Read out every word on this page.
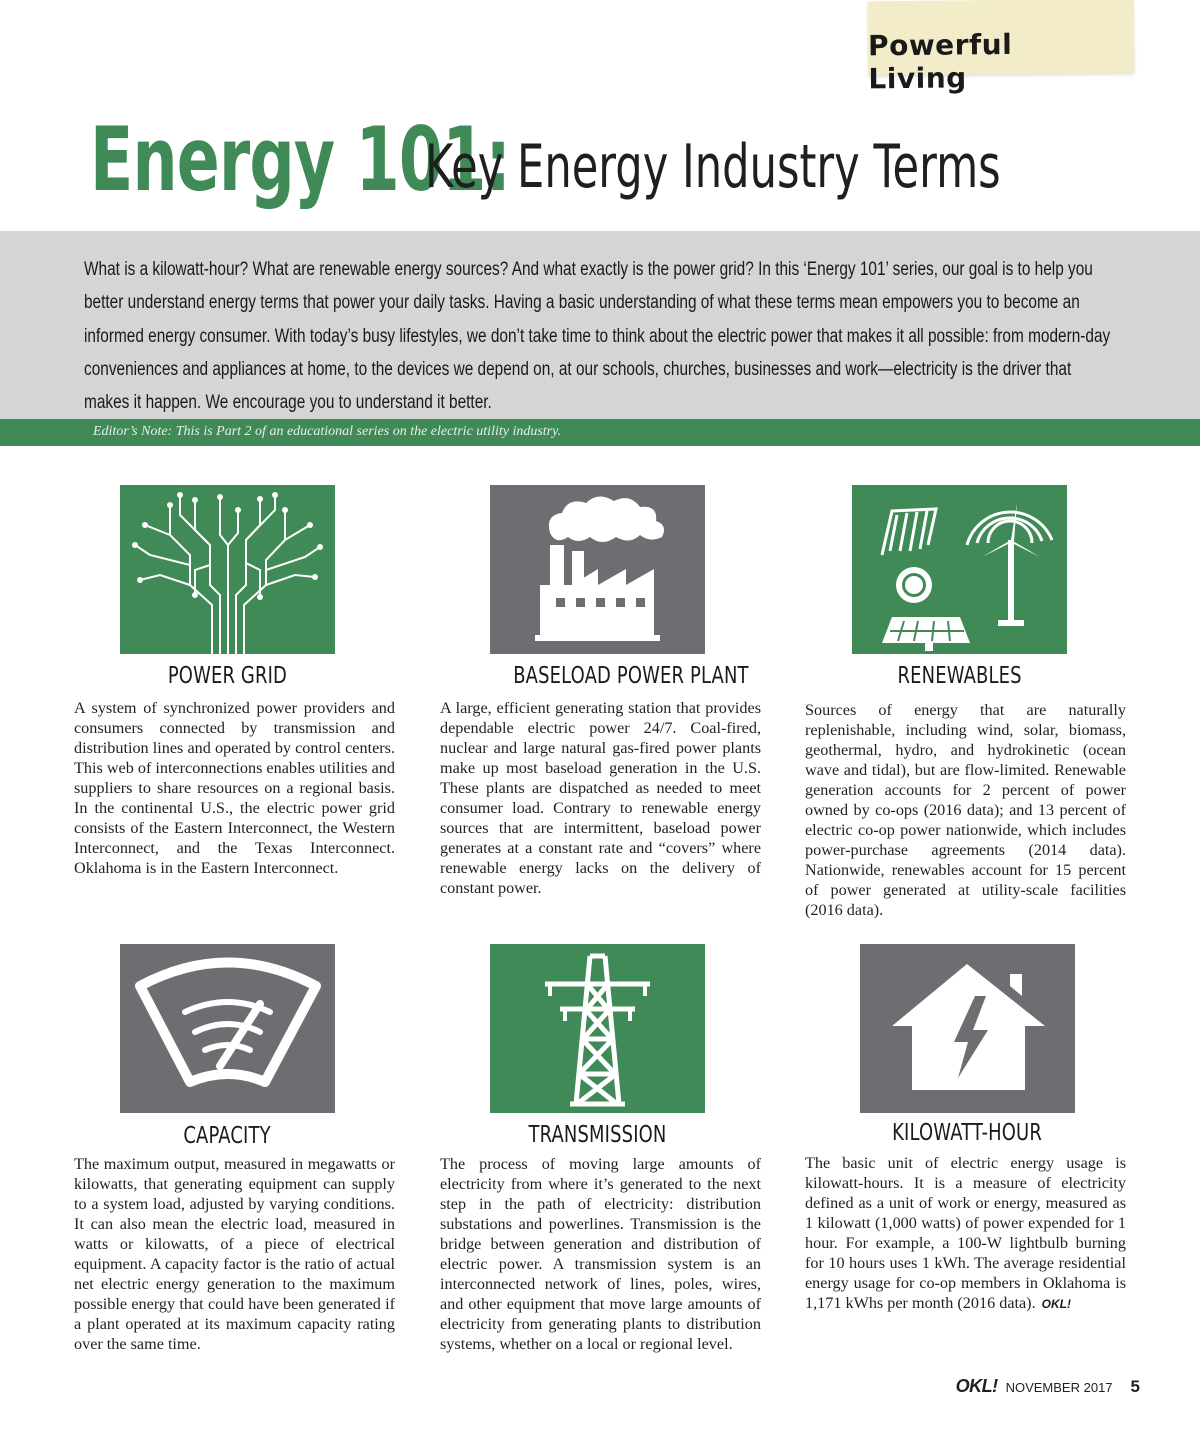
Powerful Living
Energy 101:
Key Energy Industry Terms

What is a kilowatt-hour? What are renewable energy sources? And what exactly is the power grid? In this ‘Energy 101’ series, our goal is to help you better understand energy terms that power your daily tasks. Having a basic understanding of what these terms mean empowers you to become an informed energy consumer. With today’s busy lifestyles, we don’t take time to think about the electric power that makes it all possible: from modern-day conveniences and appliances at home, to the devices we depend on, at our schools, churches, businesses and work—electricity is the driver that makes it happen. We encourage you to understand it better.

Editor’s Note: This is Part 2 of an educational series on the electric utility industry.
POWER GRID

A system of synchronized power providers and consumers connected by transmission and distribution lines and operated by control centers. This web of interconnections enables utilities and suppliers to share resources on a regional basis. In the continental U.S., the electric power grid consists of the Eastern Interconnect, the Western Interconnect, and the Texas Interconnect. Oklahoma is in the Eastern Interconnect.

BASELOAD POWER PLANT

A large, efficient generating station that provides dependable electric power 24/7. Coal-fired, nuclear and large natural gas-fired power plants make up most baseload generation in the U.S. These plants are dispatched as needed to meet consumer load. Contrary to renewable energy sources that are intermittent, baseload power generates at a constant rate and “covers” where renewable energy lacks on the delivery of constant power.

RENEWABLES

Sources of energy that are naturally replenishable, including wind, solar, biomass, geothermal, hydro, and hydrokinetic (ocean wave and tidal), but are flow-limited. Renewable generation accounts for 2 percent of power owned by co-ops (2016 data); and 13 percent of electric co-op power nationwide, which includes power-purchase agreements (2014 data). Nationwide, renewables account for 15 percent of power generated at utility-scale facilities (2016 data).

CAPACITY

The maximum output, measured in megawatts or kilowatts, that generating equipment can supply to a system load, adjusted by varying conditions. It can also mean the electric load, measured in watts or kilowatts, of a piece of electrical equipment. A capacity factor is the ratio of actual net electric energy generation to the maximum possible energy that could have been generated if a plant operated at its maximum capacity rating over the same time.

TRANSMISSION

The process of moving large amounts of electricity from where it’s generated to the next step in the path of electricity: distribution substations and powerlines. Transmission is the bridge between generation and distribution of electric power. A transmission system is an interconnected network of lines, poles, wires, and other equipment that move large amounts of electricity from generating plants to distribution systems, whether on a local or regional level.

KILOWATT-HOUR

The basic unit of electric energy usage is kilowatt-hours. It is a measure of electricity defined as a unit of work or energy, measured as 1 kilowatt (1,000 watts) of power expended for 1 hour. For example, a 100-W lightbulb burning for 10 hours uses 1 kWh. The average residential energy usage for co-op members in Oklahoma is 1,171 kWhs per month (2016 data). OKL!

OKL! NOVEMBER 2017 5
